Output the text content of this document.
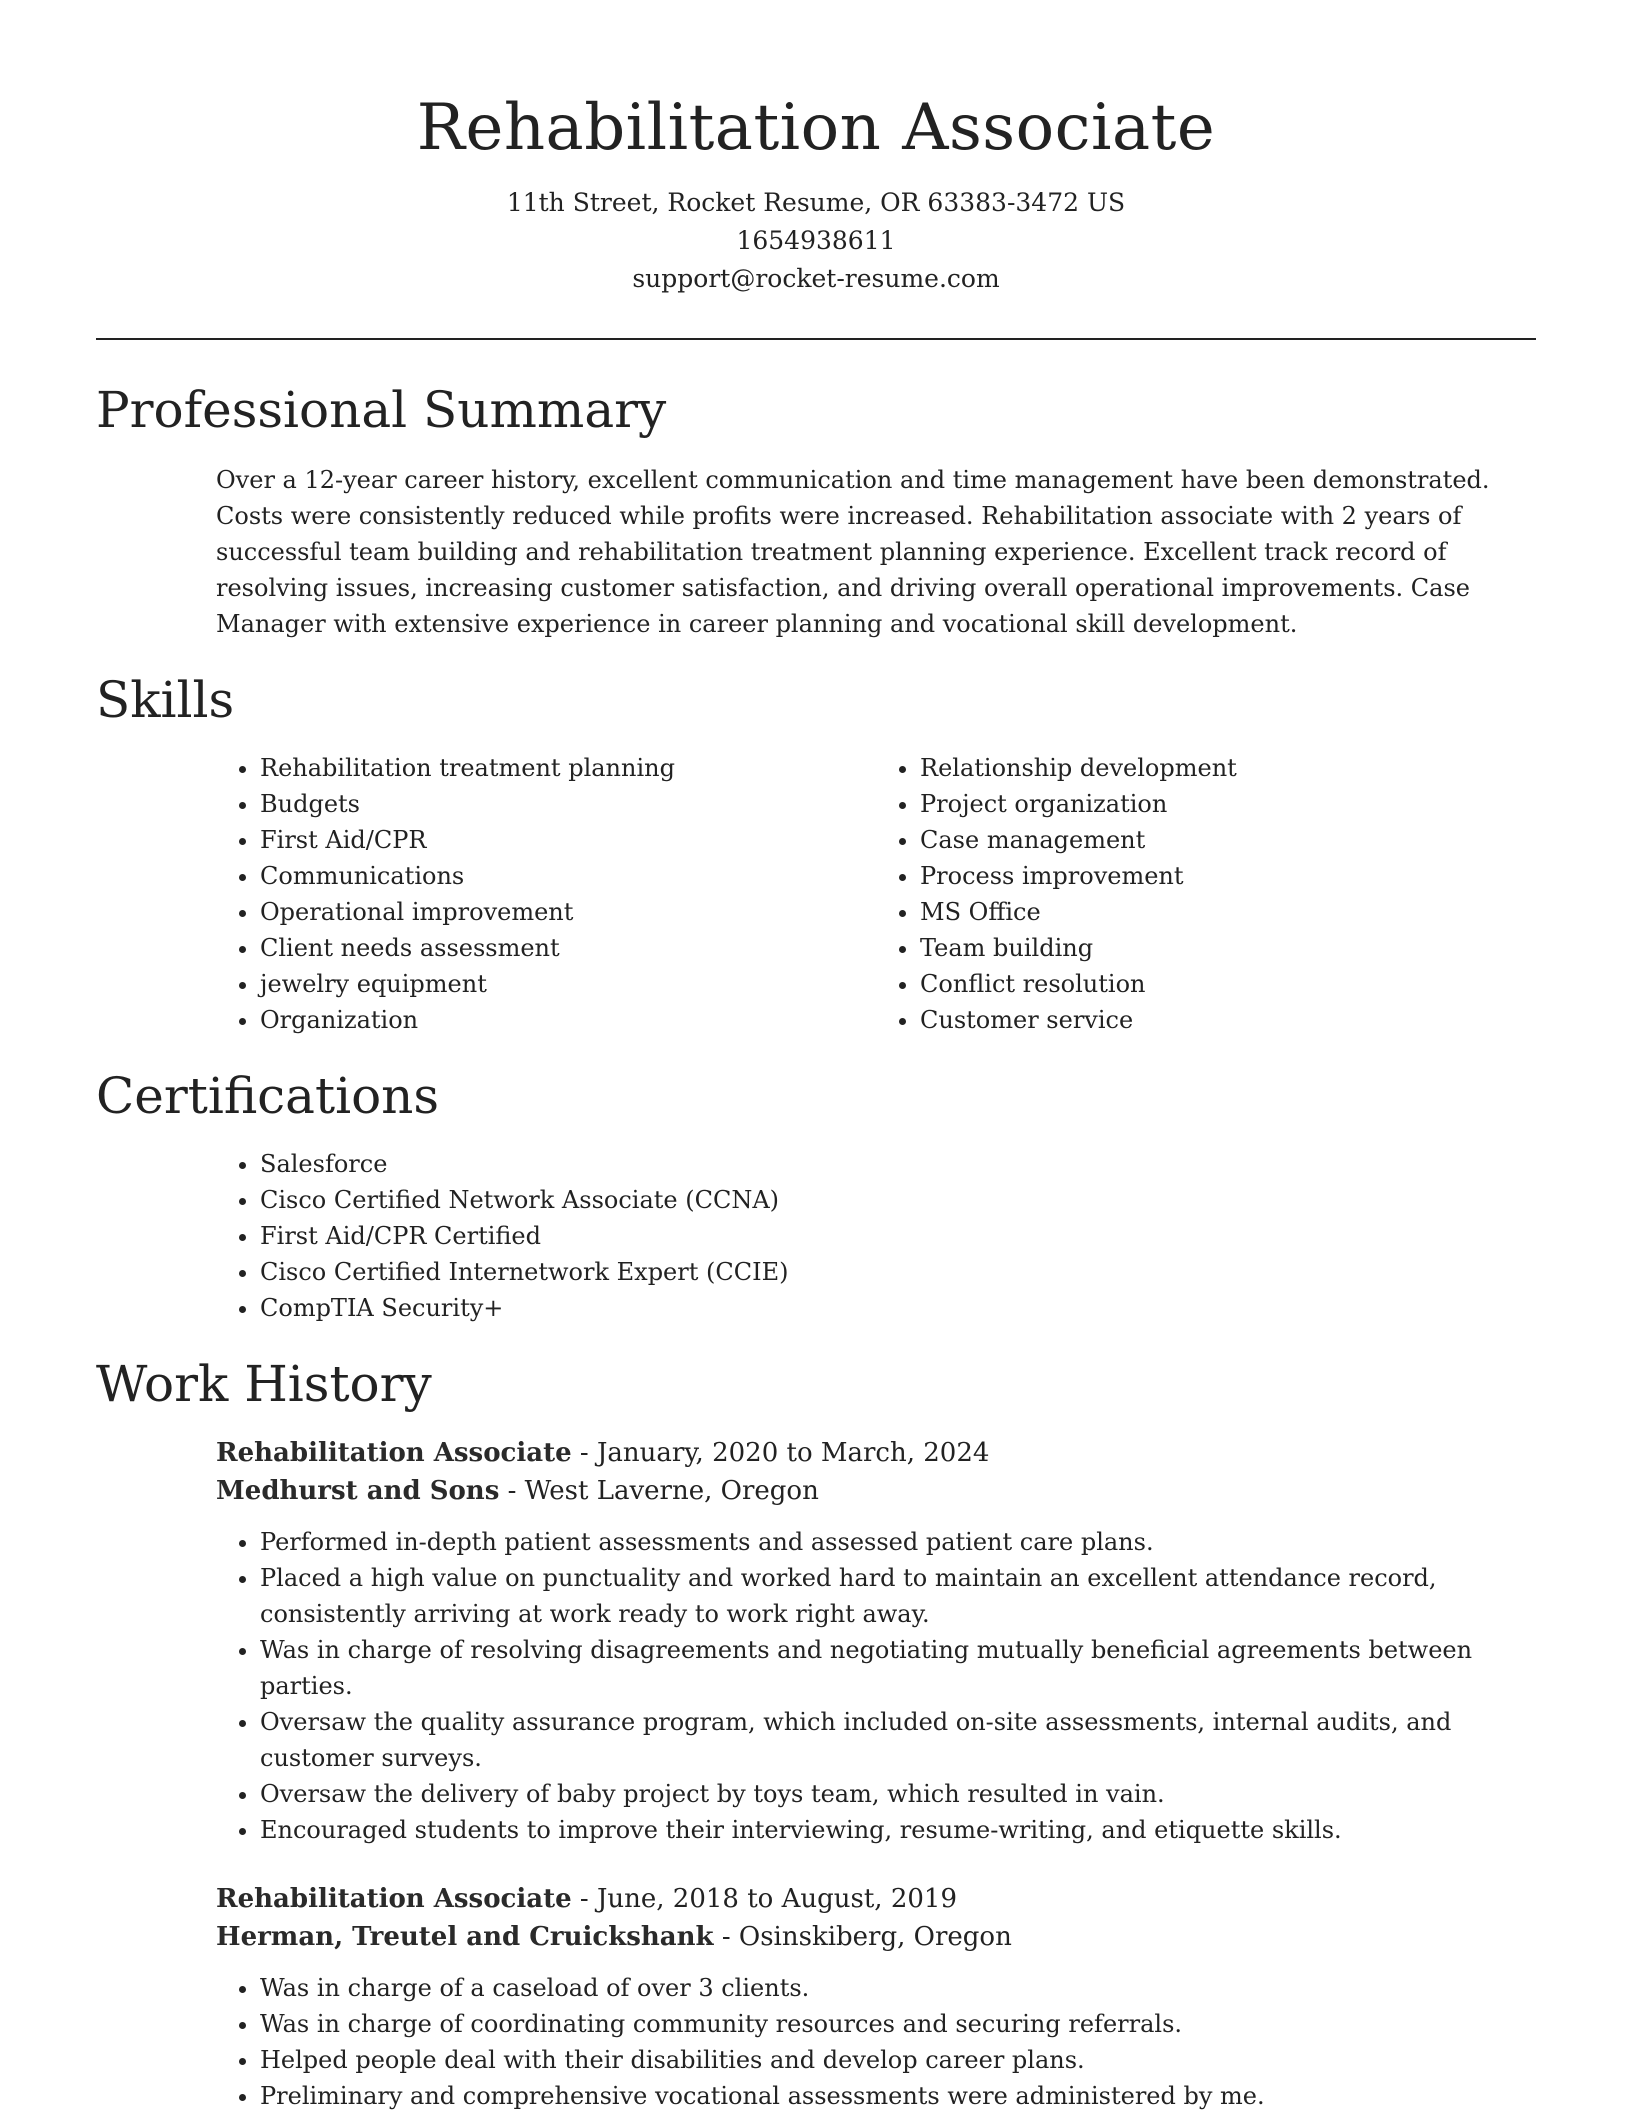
Rehabilitation Associate
11th Street, Rocket Resume, OR 63383-3472 US
1654938611
support@rocket-resume.com
Professional Summary

Over a 12-year career history, excellent communication and time management have been demonstrated. Costs were consistently reduced while profits were increased. Rehabilitation associate with 2 years of successful team building and rehabilitation treatment planning experience. Excellent track record of resolving issues, increasing customer satisfaction, and driving overall operational improvements. Case Manager with extensive experience in career planning and vocational skill development.

Skills
• Rehabilitation treatment planning
• Budgets
• First Aid/CPR
• Communications
• Operational improvement
• Client needs assessment
• jewelry equipment
• Organization
• Relationship development
• Project organization
• Case management
• Process improvement
• MS Office
• Team building
• Conflict resolution
• Customer service
Certifications
• Salesforce
• Cisco Certified Network Associate (CCNA)
• First Aid/CPR Certified
• Cisco Certified Internetwork Expert (CCIE)
• CompTIA Security+
Work History
Rehabilitation Associate - January, 2020 to March, 2024
Medhurst and Sons - West Laverne, Oregon
• Performed in-depth patient assessments and assessed patient care plans.
• Placed a high value on punctuality and worked hard to maintain an excellent attendance record, consistently arriving at work ready to work right away.
• Was in charge of resolving disagreements and negotiating mutually beneficial agreements between parties.
• Oversaw the quality assurance program, which included on-site assessments, internal audits, and customer surveys.
• Oversaw the delivery of baby project by toys team, which resulted in vain.
• Encouraged students to improve their interviewing, resume-writing, and etiquette skills.
Rehabilitation Associate - June, 2018 to August, 2019
Herman, Treutel and Cruickshank - Osinskiberg, Oregon
• Was in charge of a caseload of over 3 clients.
• Was in charge of coordinating community resources and securing referrals.
• Helped people deal with their disabilities and develop career plans.
• Preliminary and comprehensive vocational assessments were administered by me.
